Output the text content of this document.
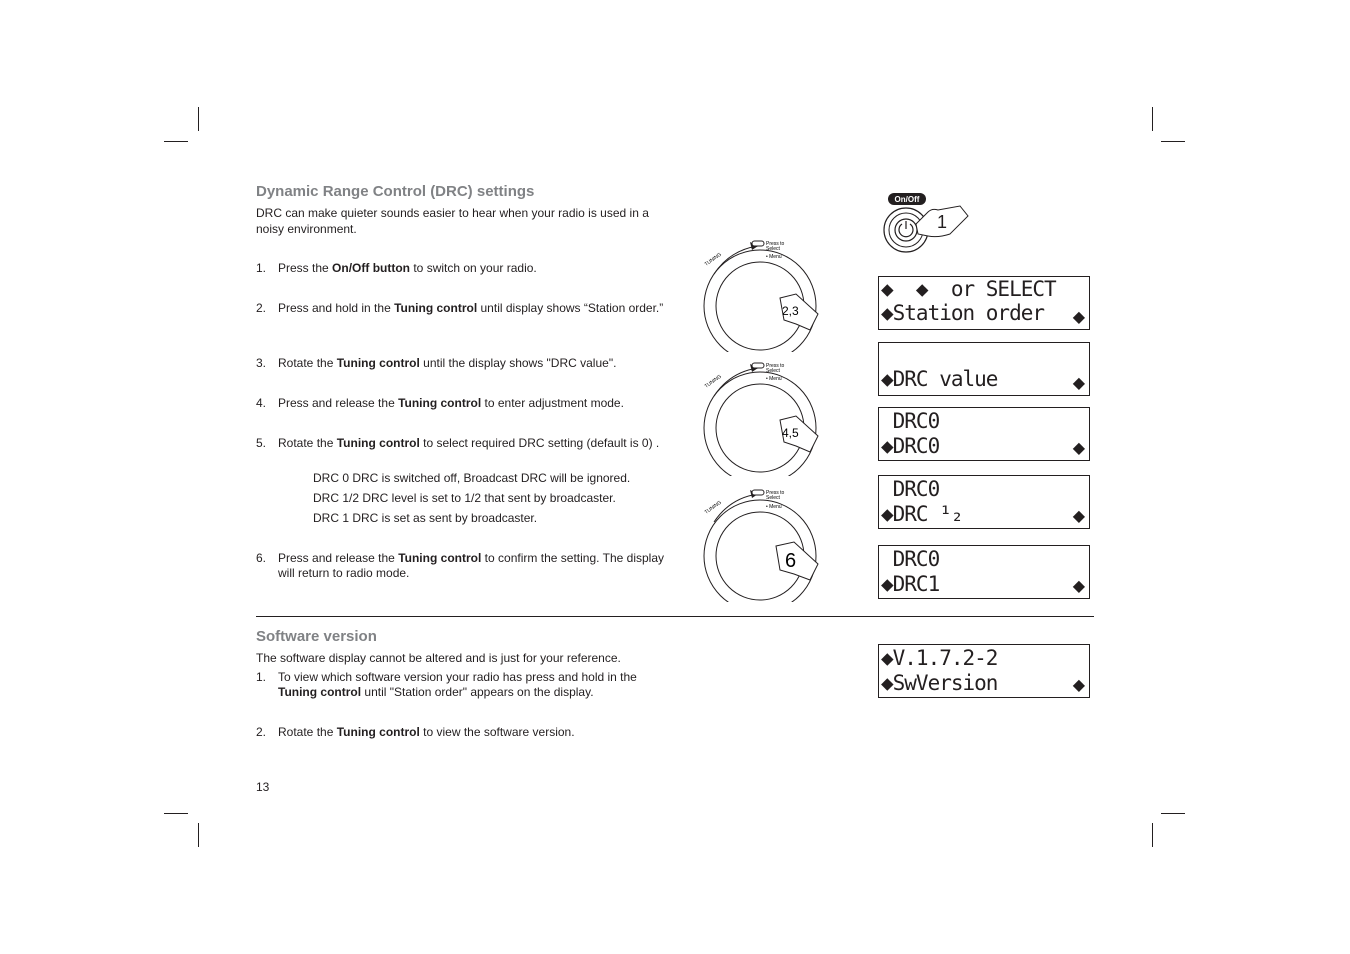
Dynamic Range Control (DRC) settings

DRC can make quieter sounds easier to hear when your radio is used in a noisy environment.

1. Press the On/Off button to switch on your radio.
2. Press and hold in the Tuning control until display shows “Station order.”
3. Rotate the Tuning control until the display shows "DRC value".
4. Press and release the Tuning control to enter adjustment mode.
5. Rotate the Tuning control to select required DRC setting (default is 0) .
DRC 0 DRC is switched off, Broadcast DRC will be ignored.
DRC 1/2 DRC level is set to 1/2 that sent by broadcaster.
DRC 1 DRC is set as sent by broadcaster.
6. Press and release the Tuning control to confirm the setting. The display will return to radio mode.
Software version

The software display cannot be altered and is just for your reference.

1. To view which software version your radio has press and hold in the Tuning control until "Station order" appears on the display.
2. Rotate the Tuning control to view the software version.
13
On/Off
1
TUNING
Press to
Select
• Menu
2,3
TUNING
Press to
Select
• Menu
4,5
TUNING
Press to
Select
• Menu
6
◆  ◆  or SELECT
◆Station order ◆
◆DRC value	◆
DRC0
◆DRC0	◆
DRC0
◆DRC ¹₂	◆
DRC0
◆DRC1	◆
◆V.1.7.2-2
◆SwVersion	◆
